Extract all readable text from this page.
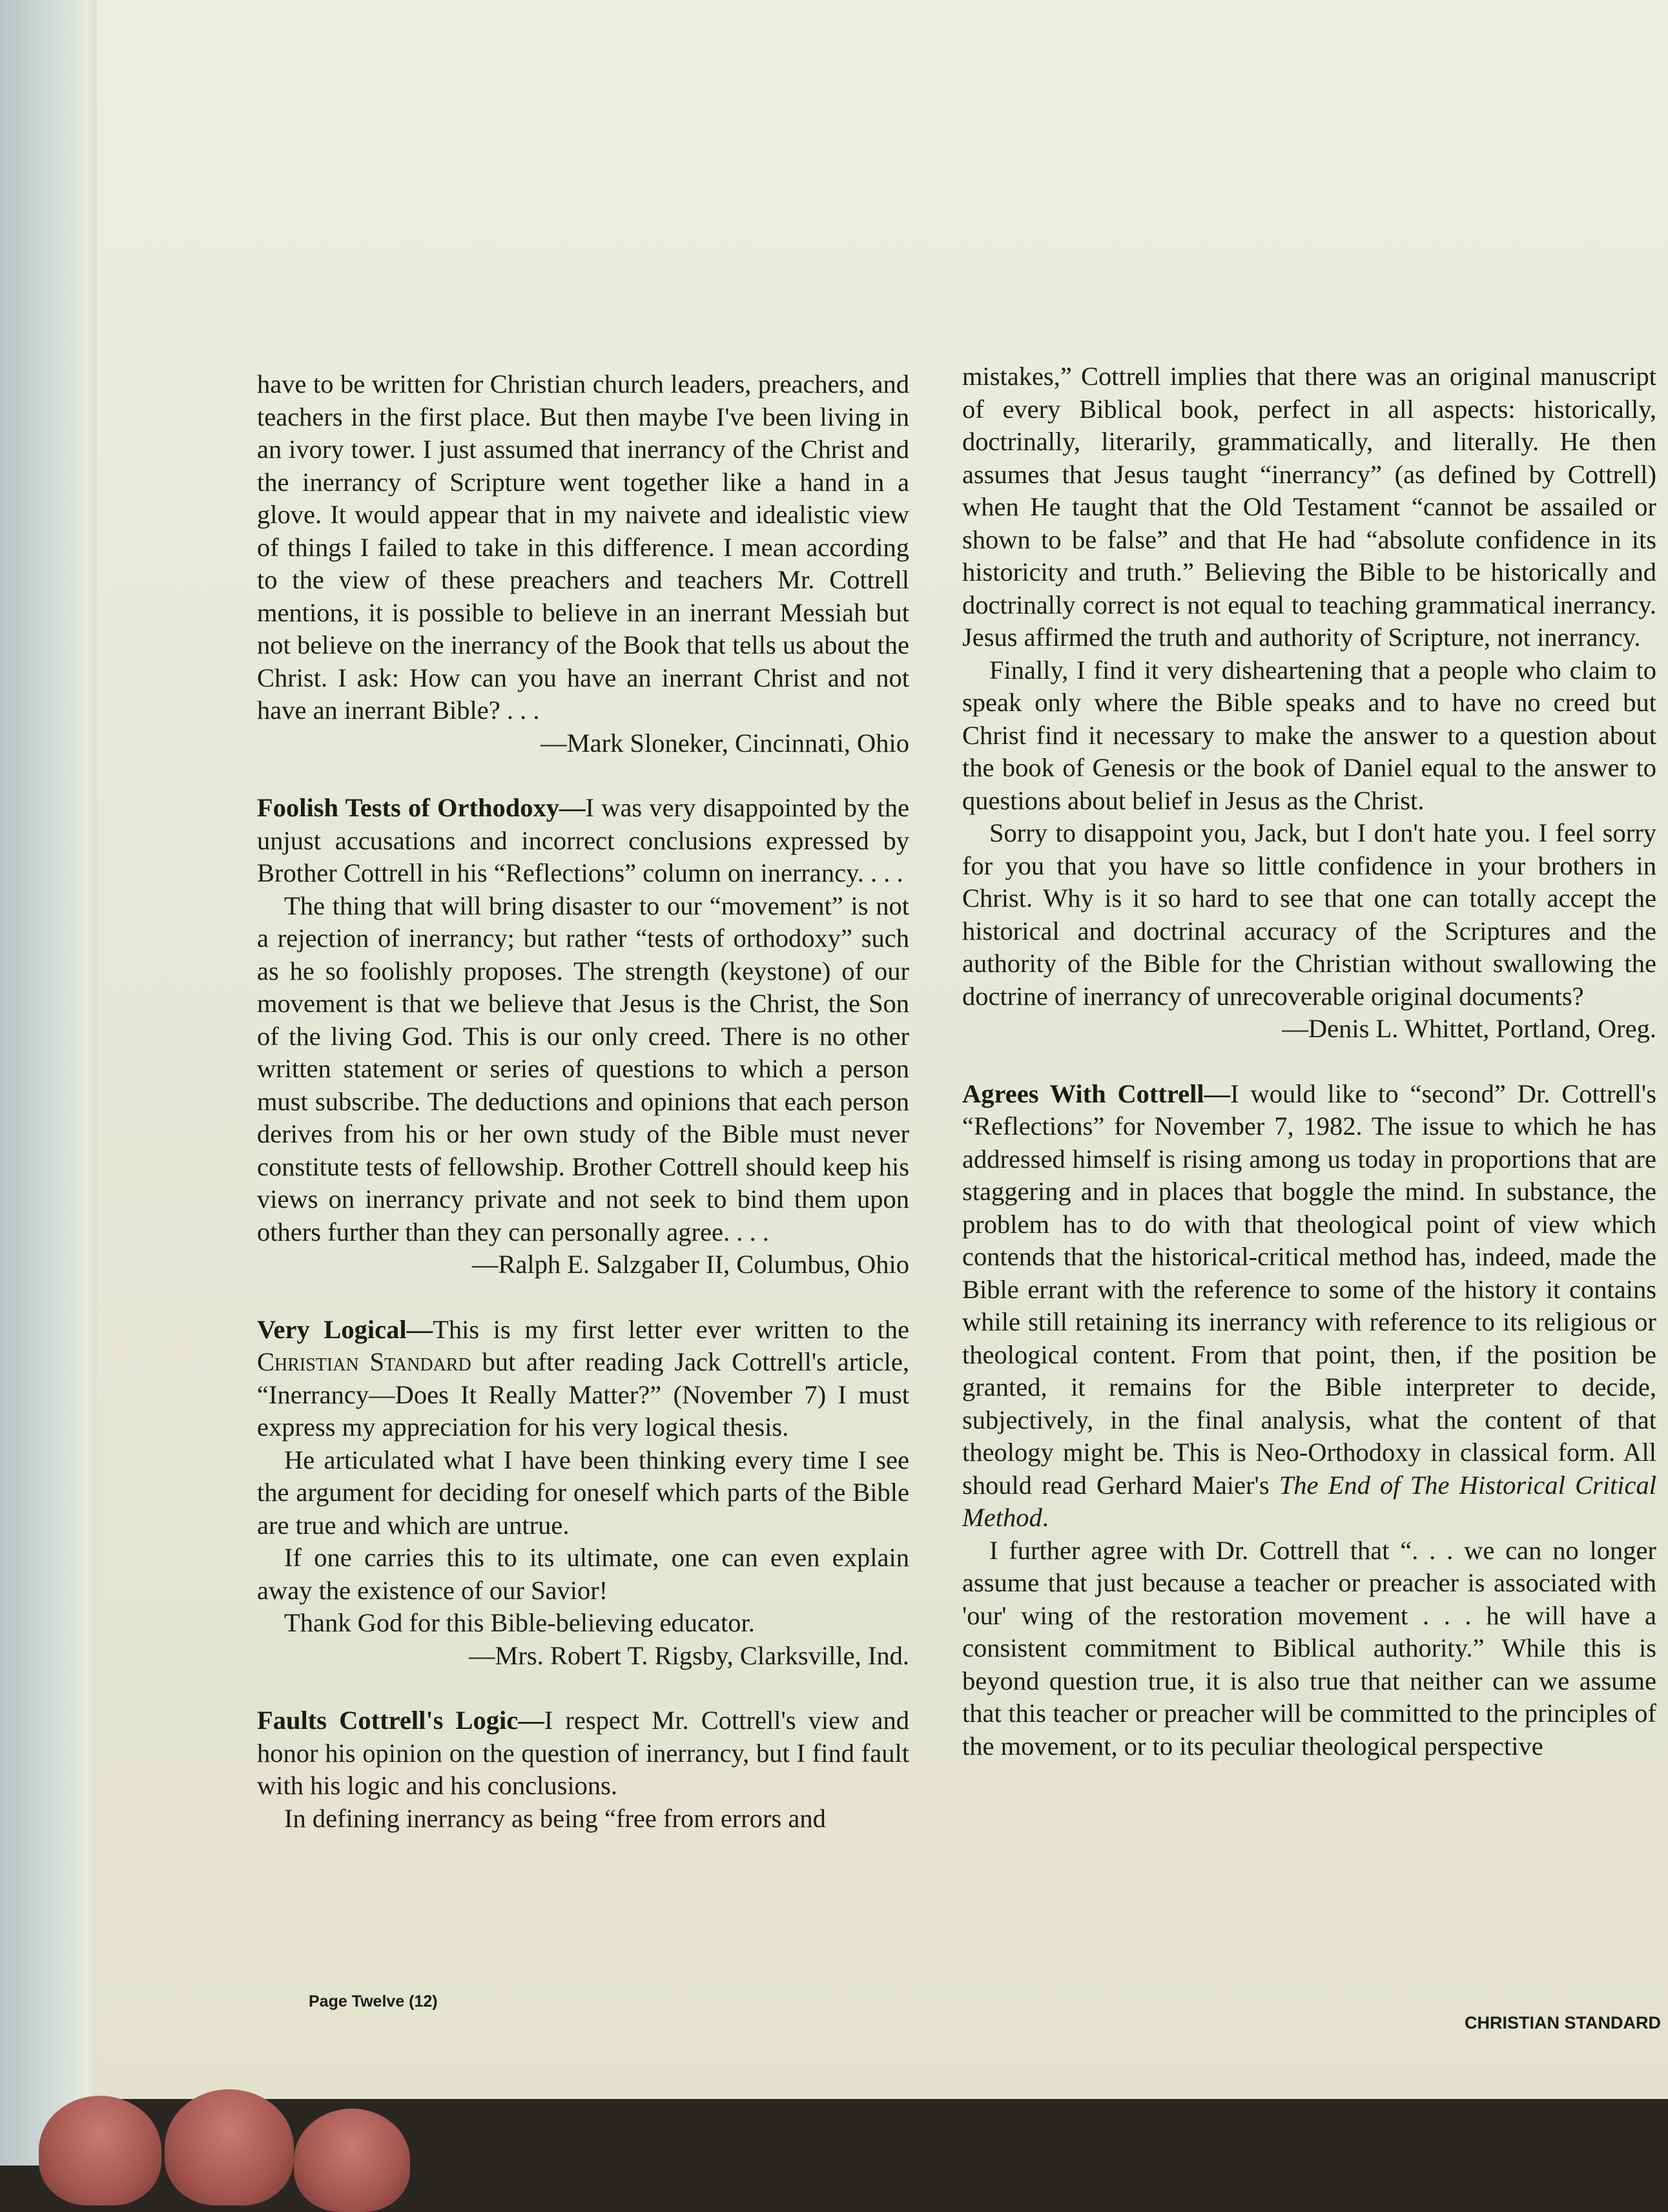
have to be written for Christian church leaders, preachers, and teachers in the first place. But then maybe I've been living in an ivory tower. I just assumed that inerrancy of the Christ and the inerrancy of Scripture went together like a hand in a glove. It would appear that in my naivete and idealistic view of things I failed to take in this difference. I mean according to the view of these preachers and teachers Mr. Cottrell mentions, it is possible to believe in an inerrant Messiah but not believe on the inerrancy of the Book that tells us about the Christ. I ask: How can you have an inerrant Christ and not have an inerrant Bible? . . .

—Mark Sloneker, Cincinnati, Ohio

Foolish Tests of Orthodoxy—I was very disappointed by the unjust accusations and incorrect conclusions expressed by Brother Cottrell in his “Reflections” column on inerrancy. . . .

The thing that will bring disaster to our “movement” is not a rejection of inerrancy; but rather “tests of orthodoxy” such as he so foolishly proposes. The strength (keystone) of our movement is that we believe that Jesus is the Christ, the Son of the living God. This is our only creed. There is no other written statement or series of questions to which a person must subscribe. The deductions and opinions that each person derives from his or her own study of the Bible must never constitute tests of fellowship. Brother Cottrell should keep his views on inerrancy private and not seek to bind them upon others further than they can personally agree. . . .

—Ralph E. Salzgaber II, Columbus, Ohio

Very Logical—This is my first letter ever written to the Christian Standard but after reading Jack Cottrell's article, “Inerrancy—Does It Really Matter?” (November 7) I must express my appreciation for his very logical thesis.

He articulated what I have been thinking every time I see the argument for deciding for oneself which parts of the Bible are true and which are untrue.

If one carries this to its ultimate, one can even explain away the existence of our Savior!

Thank God for this Bible-believing educator.

—Mrs. Robert T. Rigsby, Clarksville, Ind.

Faults Cottrell's Logic—I respect Mr. Cottrell's view and honor his opinion on the question of inerrancy, but I find fault with his logic and his conclusions.

In defining inerrancy as being “free from errors and

mistakes,” Cottrell implies that there was an original manuscript of every Biblical book, perfect in all aspects: historically, doctrinally, literarily, grammatically, and literally. He then assumes that Jesus taught “inerrancy” (as defined by Cottrell) when He taught that the Old Testament “cannot be assailed or shown to be false” and that He had “absolute confidence in its historicity and truth.” Believing the Bible to be historically and doctrinally correct is not equal to teaching grammatical inerrancy. Jesus affirmed the truth and authority of Scripture, not inerrancy.

Finally, I find it very disheartening that a people who claim to speak only where the Bible speaks and to have no creed but Christ find it necessary to make the answer to a question about the book of Genesis or the book of Daniel equal to the answer to questions about belief in Jesus as the Christ.

Sorry to disappoint you, Jack, but I don't hate you. I feel sorry for you that you have so little confidence in your brothers in Christ. Why is it so hard to see that one can totally accept the historical and doctrinal accuracy of the Scriptures and the authority of the Bible for the Christian without swallowing the doctrine of inerrancy of unrecoverable original documents?

—Denis L. Whittet, Portland, Oreg.

Agrees With Cottrell—I would like to “second” Dr. Cottrell's “Reflections” for November 7, 1982. The issue to which he has addressed himself is rising among us today in proportions that are staggering and in places that boggle the mind. In substance, the problem has to do with that theological point of view which contends that the historical-critical method has, indeed, made the Bible errant with the reference to some of the history it contains while still retaining its inerrancy with reference to its religious or theological content. From that point, then, if the position be granted, it remains for the Bible interpreter to decide, subjectively, in the final analysis, what the content of that theology might be. This is Neo-Orthodoxy in classical form. All should read Gerhard Maier's The End of The Historical Critical Method.

I further agree with Dr. Cottrell that “. . . we can no longer assume that just because a teacher or preacher is associated with 'our' wing of the restoration movement . . . he will have a consistent commitment to Biblical authority.” While this is beyond question true, it is also true that neither can we assume that this teacher or preacher will be committed to the principles of the movement, or to its peculiar theological perspective

Page Twelve (12)
CHRISTIAN STANDARD
